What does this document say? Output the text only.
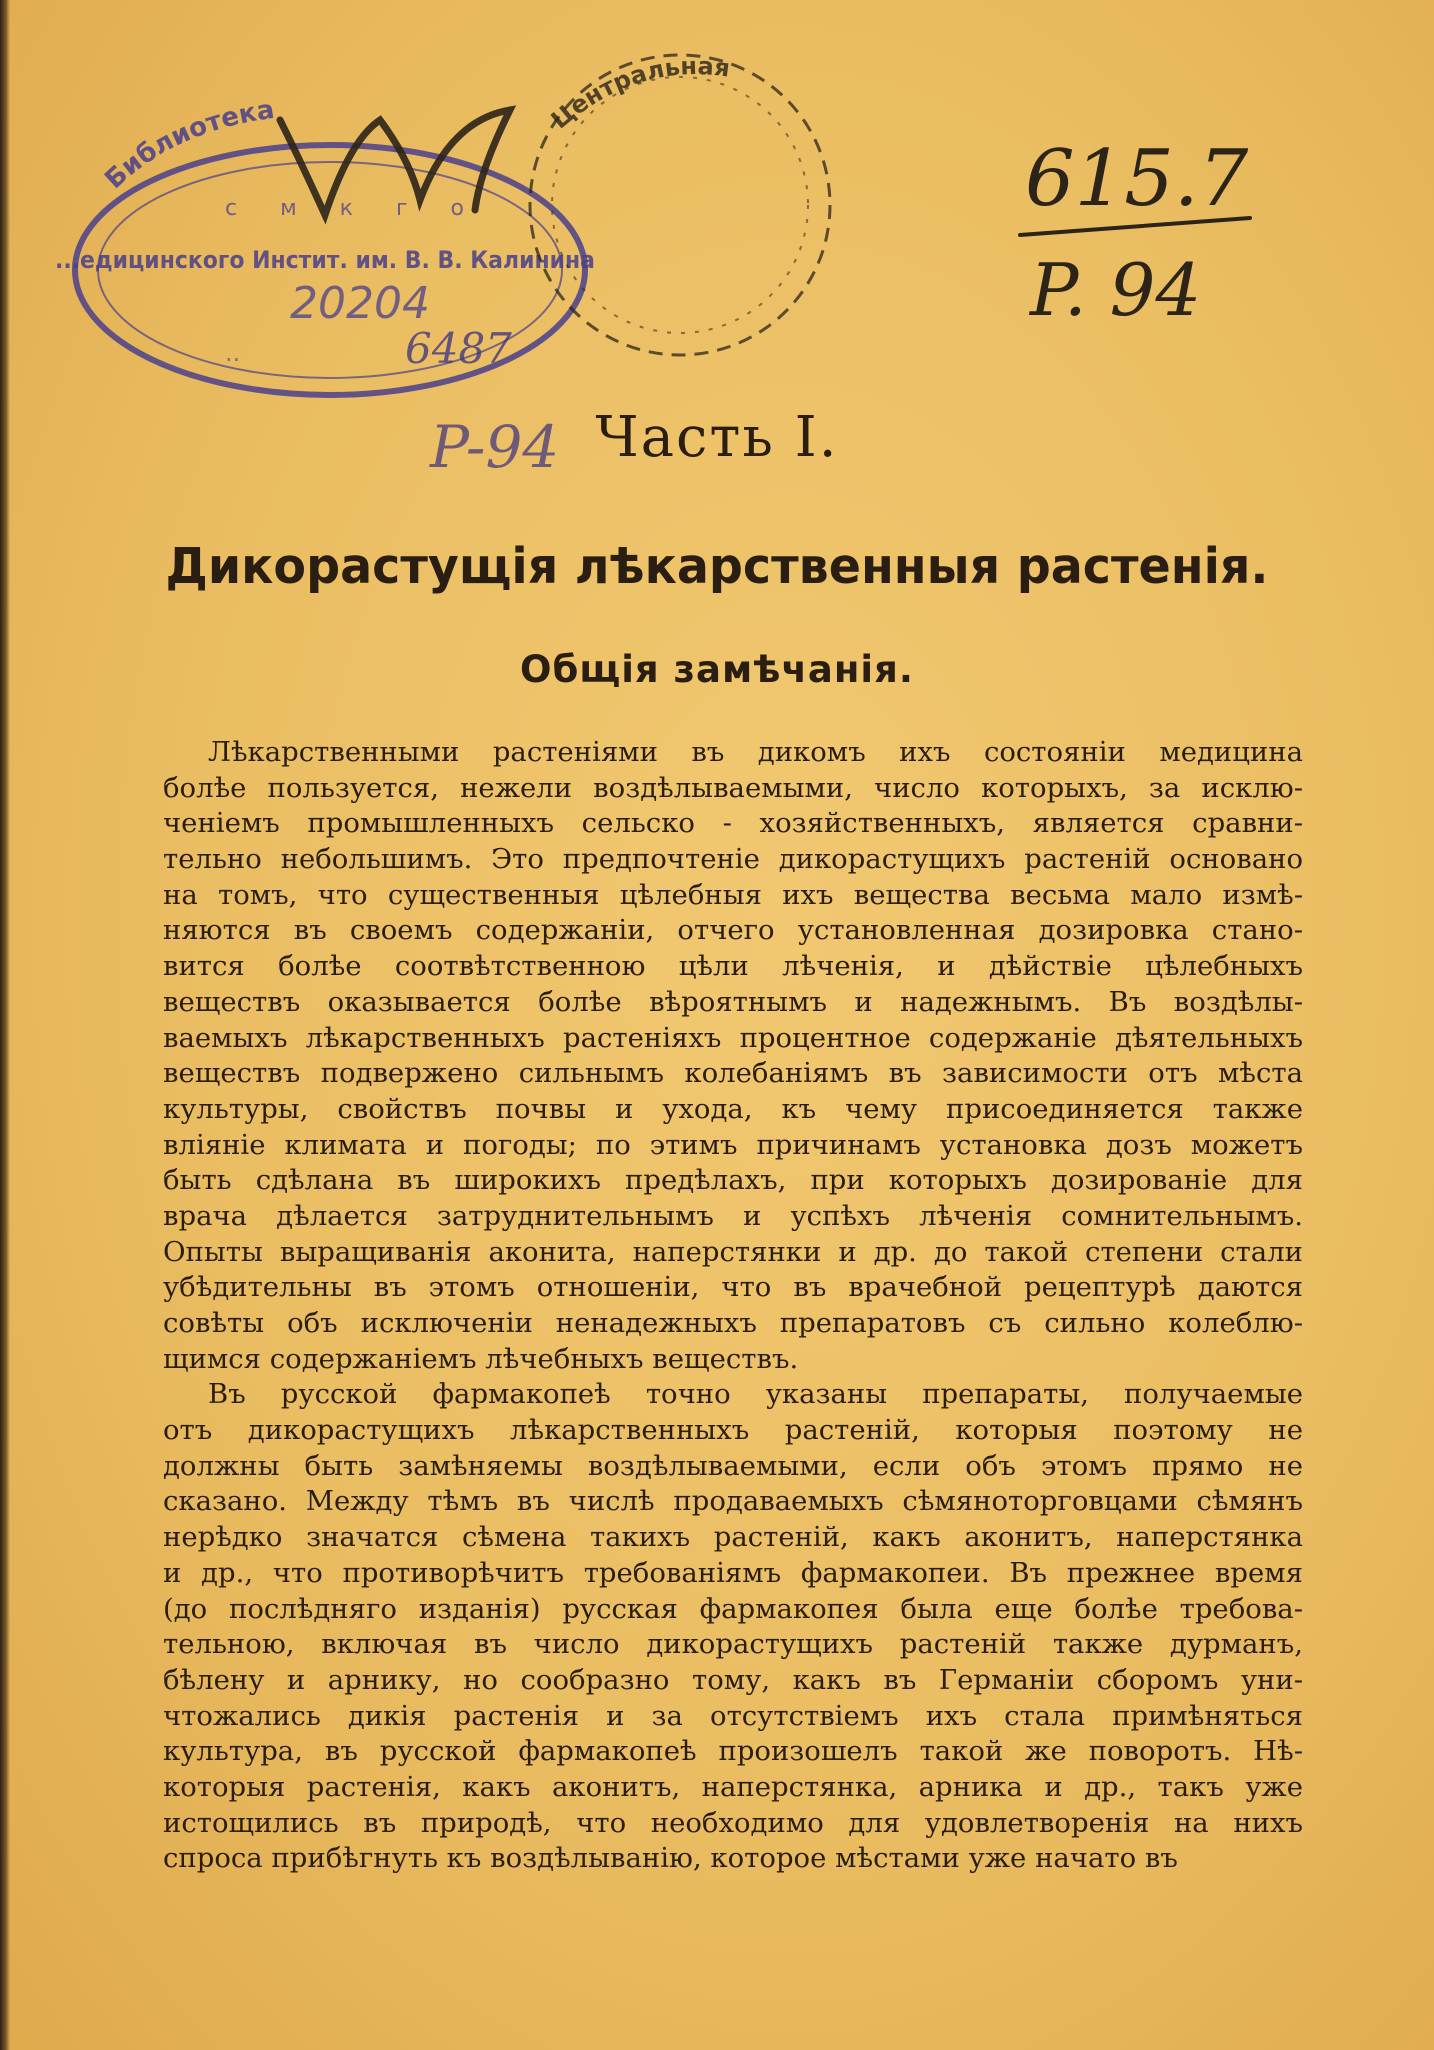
Библиотека
с м к г о
...едицинского Инстит. им. В. В. Калинина
20204
··
Центральная
6487
P-94
615.7
P. 94
Часть I.
Дикорастущія лѣкарственныя растенія.
Общія замѣчанія.
Лѣкарственными растеніями въ дикомъ ихъ состояніи медицина
болѣе пользуется, нежели воздѣлываемыми, число которыхъ, за исклю-
ченіемъ промышленныхъ сельско - хозяйственныхъ, является сравни-
тельно небольшимъ. Это предпочтеніе дикорастущихъ растеній основано
на томъ, что существенныя цѣлебныя ихъ вещества весьма мало измѣ-
няются въ своемъ содержаніи, отчего установленная дозировка стано-
вится болѣе соотвѣтственною цѣли лѣченія, и дѣйствіе цѣлебныхъ
веществъ оказывается болѣе вѣроятнымъ и надежнымъ. Въ воздѣлы-
ваемыхъ лѣкарственныхъ растеніяхъ процентное содержаніе дѣятельныхъ
веществъ подвержено сильнымъ колебаніямъ въ зависимости отъ мѣста
культуры, свойствъ почвы и ухода, къ чему присоединяется также
вліяніе климата и погоды; по этимъ причинамъ установка дозъ можетъ
быть сдѣлана въ широкихъ предѣлахъ, при которыхъ дозированіе для
врача дѣлается затруднительнымъ и успѣхъ лѣченія сомнительнымъ.
Опыты выращиванія аконита, наперстянки и др. до такой степени стали
убѣдительны въ этомъ отношеніи, что въ врачебной рецептурѣ даются
совѣты объ исключеніи ненадежныхъ препаратовъ съ сильно колеблю-
щимся содержаніемъ лѣчебныхъ веществъ.
Въ русской фармакопеѣ точно указаны препараты, получаемые
отъ дикорастущихъ лѣкарственныхъ растеній, которыя поэтому не
должны быть замѣняемы воздѣлываемыми, если объ этомъ прямо не
сказано. Между тѣмъ въ числѣ продаваемыхъ сѣмяноторговцами сѣмянъ
нерѣдко значатся сѣмена такихъ растеній, какъ аконитъ, наперстянка
и др., что противорѣчитъ требованіямъ фармакопеи. Въ прежнее время
(до послѣдняго изданія) русская фармакопея была еще болѣе требова-
тельною, включая въ число дикорастущихъ растеній также дурманъ,
бѣлену и арнику, но сообразно тому, какъ въ Германіи сборомъ уни-
чтожались дикія растенія и за отсутствіемъ ихъ стала примѣняться
культура, въ русской фармакопеѣ произошелъ такой же поворотъ. Нѣ-
которыя растенія, какъ аконитъ, наперстянка, арника и др., такъ уже
истощились въ природѣ, что необходимо для удовлетворенія на нихъ
спроса прибѣгнуть къ воздѣлыванію, которое мѣстами уже начато въ
